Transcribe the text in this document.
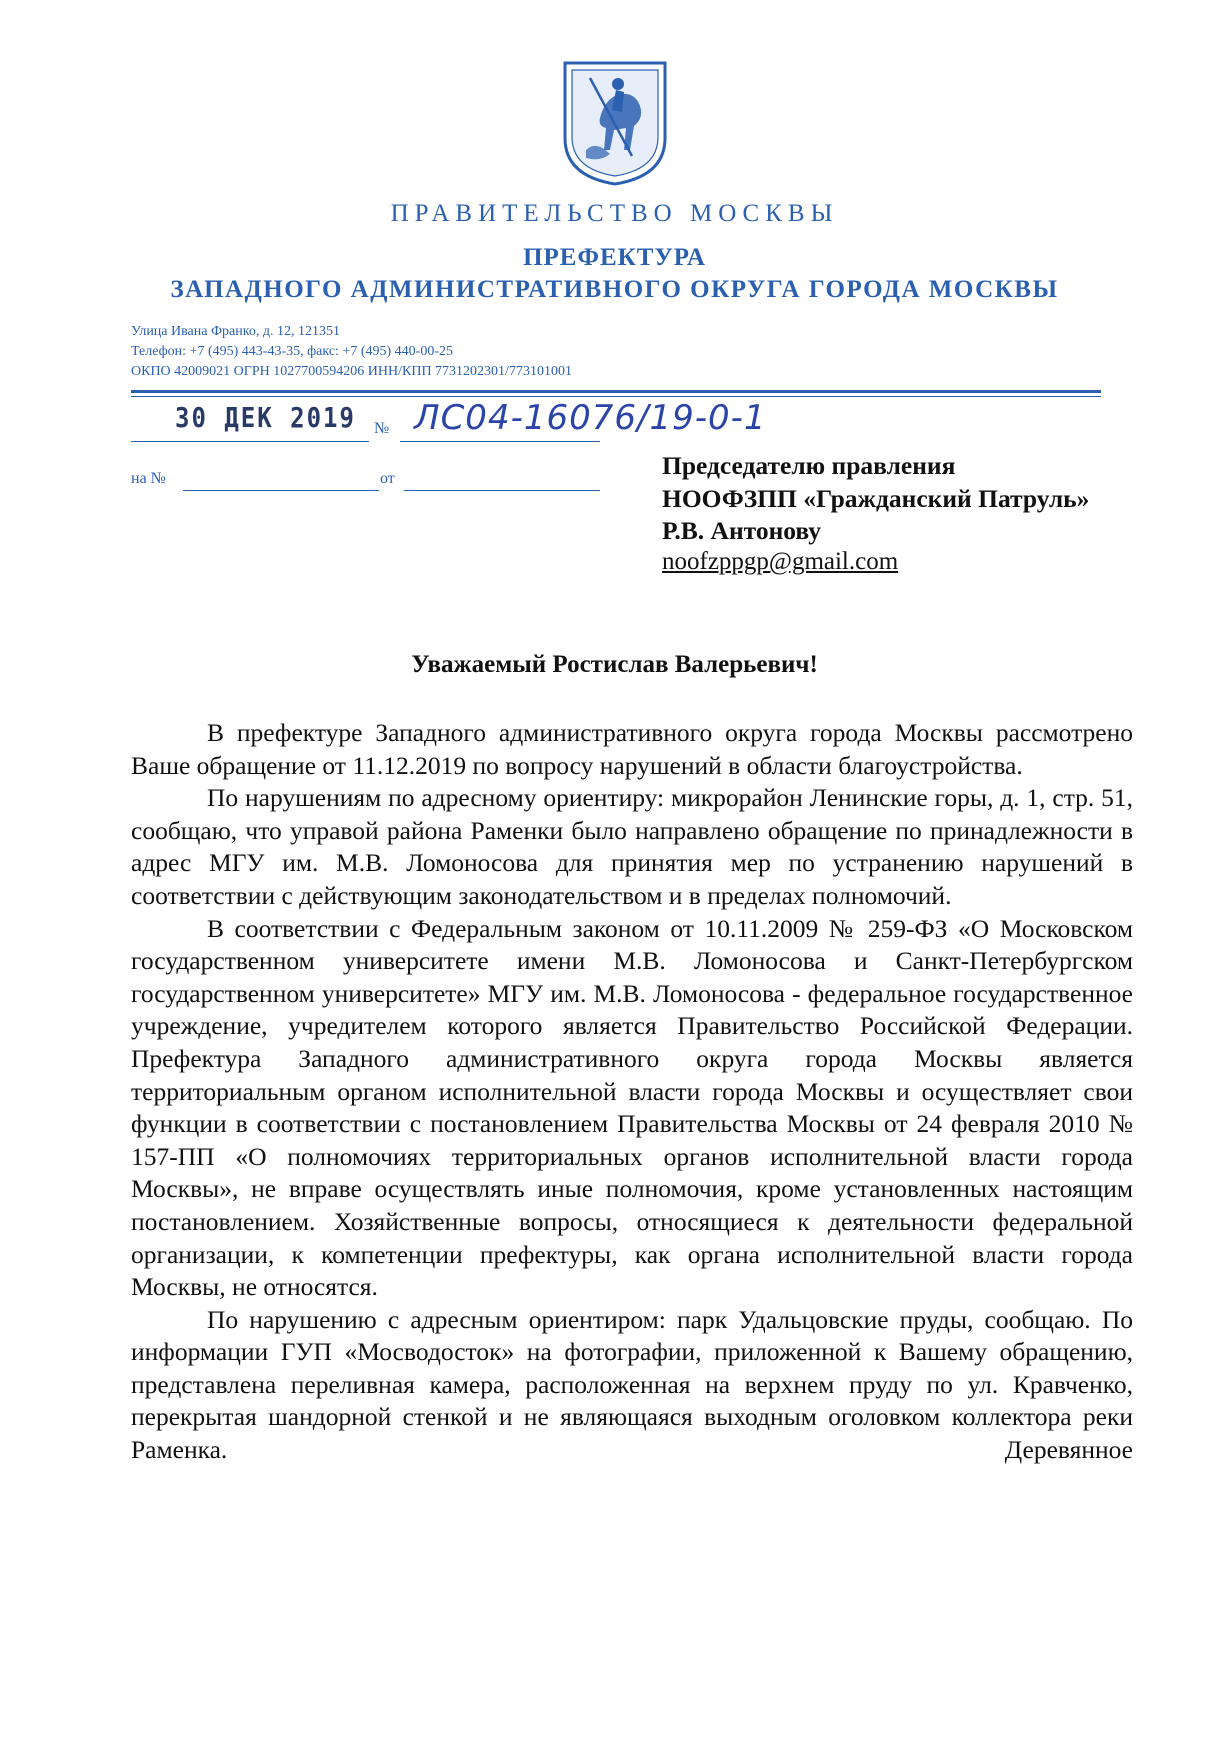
ПРАВИТЕЛЬСТВО МОСКВЫ
ПРЕФЕКТУРА
ЗАПАДНОГО АДМИНИСТРАТИВНОГО ОКРУГА ГОРОДА МОСКВЫ
Улица Ивана Франко, д. 12, 121351
Телефон: +7 (495) 443-43-35, факс: +7 (495) 440-00-25
ОКПО 42009021 ОГРН 1027700594206 ИНН/КПП 7731202301/773101001
30 ДЕК 2019 № ЛС04-16076/19-0-1
на №	от	Председателю правления
НООФЗПП «Гражданский Патруль»
Р.В. Антонову
noofzppgp@gmail.com
Уважаемый Ростислав Валерьевич!

В префектуре Западного административного округа города Москвы рассмотрено Ваше обращение от 11.12.2019 по вопросу нарушений в области благоустройства.

По нарушениям по адресному ориентиру: микрорайон Ленинские горы, д. 1, стр. 51, сообщаю, что управой района Раменки было направлено обращение по принадлежности в адрес МГУ им. М.В. Ломоносова для принятия мер по устранению нарушений в соответствии с действующим законодательством и в пределах полномочий.

В соответствии с Федеральным законом от 10.11.2009 № 259-ФЗ «О Московском государственном университете имени М.В. Ломоносова и Санкт-Петербургском государственном университете» МГУ им. М.В. Ломоносова - федеральное государственное учреждение, учредителем которого является Правительство Российской Федерации. Префектура Западного административного округа города Москвы является территориальным органом исполнительной власти города Москвы и осуществляет свои функции в соответствии с постановлением Правительства Москвы от 24 февраля 2010 № 157-ПП «О полномочиях территориальных органов исполнительной власти города Москвы», не вправе осуществлять иные полномочия, кроме установленных настоящим постановлением. Хозяйственные вопросы, относящиеся к деятельности федеральной организации, к компетенции префектуры, как органа исполнительной власти города Москвы, не относятся.

По нарушению с адресным ориентиром: парк Удальцовские пруды, сообщаю. По информации ГУП «Мосводосток» на фотографии, приложенной к Вашему обращению, представлена переливная камера, расположенная на верхнем пруду по ул. Кравченко, перекрытая шандорной стенкой и не являющаяся выходным оголовком коллектора реки Раменка. Деревянное
